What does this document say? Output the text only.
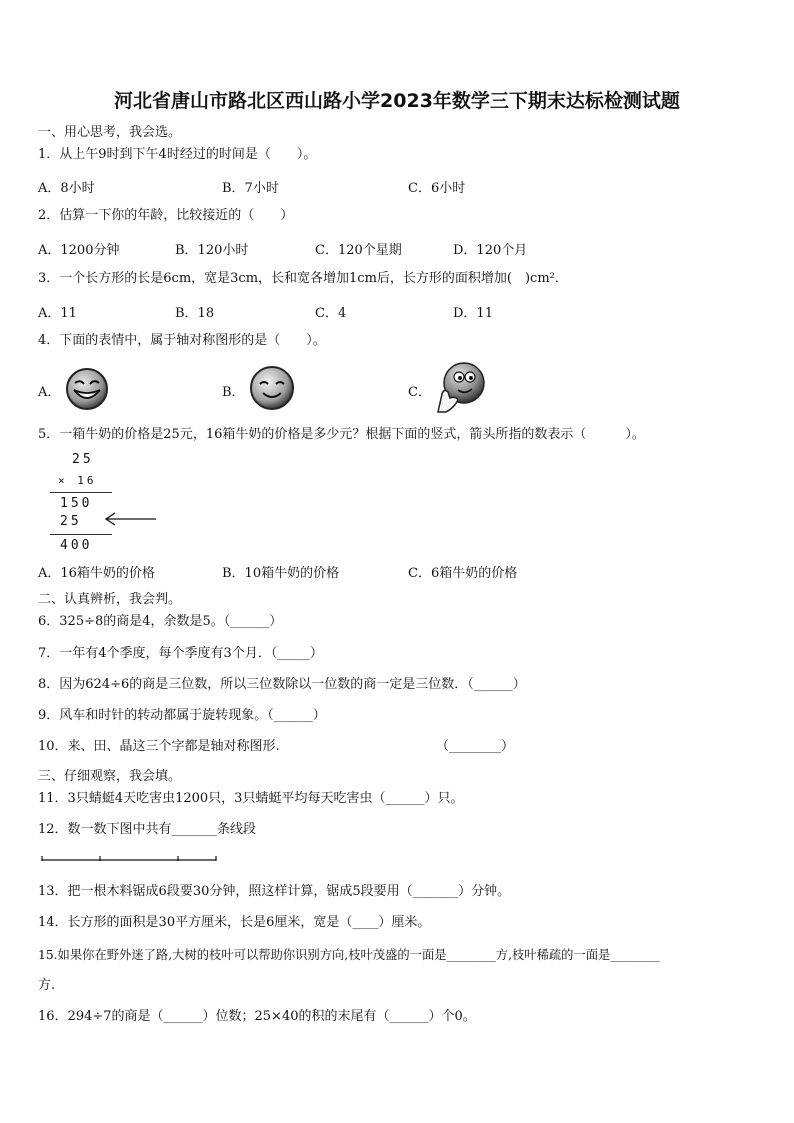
河北省唐山市路北区西山路小学2023年数学三下期末达标检测试题
一、用心思考，我会选。
1．从上午9时到下午4时经过的时间是（　　）。
A．8小时	B．7小时	C．6小时
2．估算一下你的年龄，比较接近的（　　）
A．1200分钟	B．120小时	C．120个星期	D．120个月
3．一个长方形的长是6cm，宽是3cm，长和宽各增加1cm后，长方形的面积增加(　)cm²．
A．11	B．18	C．4	D．11
4．下面的表情中，属于轴对称图形的是（　　）。
A．	B．	C．
5．一箱牛奶的价格是25元，16箱牛奶的价格是多少元？根据下面的竖式，箭头所指的数表示（　　　）。
25
× 16
150
25
400
A．16箱牛奶的价格	B．10箱牛奶的价格	C．6箱牛奶的价格
二、认真辨析，我会判。
6．325÷8的商是4，余数是5。（______）
7．一年有4个季度，每个季度有3个月．（_____）
8．因为624÷6的商是三位数，所以三位数除以一位数的商一定是三位数．（______）
9．风车和时针的转动都属于旋转现象。（______）
10．来、田、晶这三个字都是轴对称图形.	（________）
三、仔细观察，我会填。
11．3只蜻蜓4天吃害虫1200只，3只蜻蜓平均每天吃害虫（______）只。
12．数一数下图中共有_______条线段
13．把一根木料锯成6段要30分钟，照这样计算，锯成5段要用（_______）分钟。
14．长方形的面积是30平方厘米，长是6厘米，宽是（____）厘米。
15.如果你在野外迷了路,大树的枝叶可以帮助你识别方向,枝叶茂盛的一面是________方,枝叶稀疏的一面是________
方.
16．294÷7的商是（______）位数；25×40的积的末尾有（______）个0。
